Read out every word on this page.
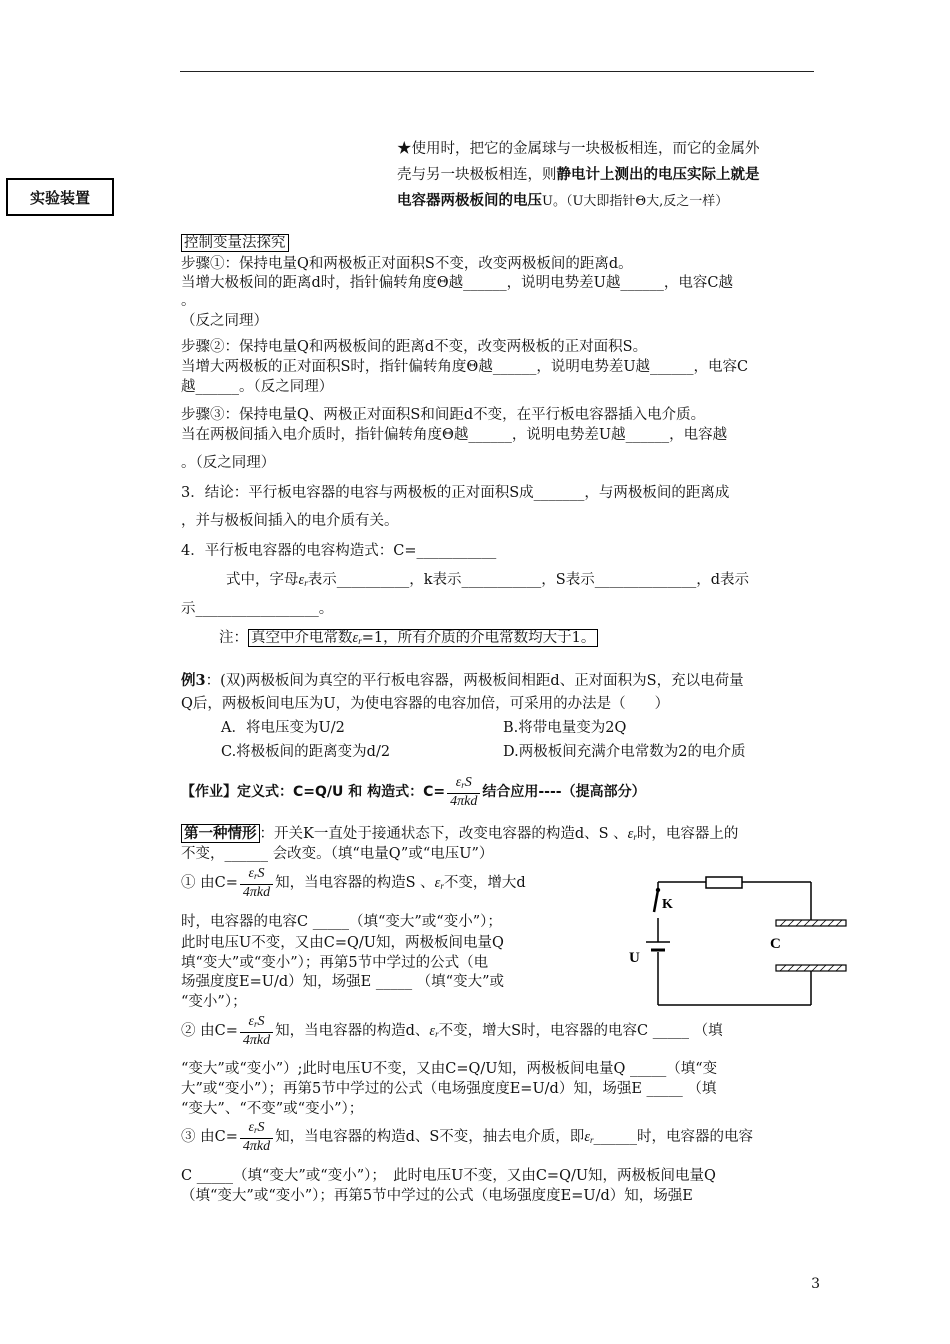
实验装置
★使用时，把它的金属球与一块极板相连，而它的金属外
壳与另一块极板相连，则静电计上测出的电压实际上就是
电容器两极板间的电压U。（U大即指针Θ大,反之一样）
控制变量法探究
步骤①：保持电量Q和两极板正对面积S不变，改变两极板间的距离d。
当增大极板间的距离d时，指针偏转角度Θ越______，说明电势差U越______，电容C越
。
（反之同理）
步骤②：保持电量Q和两极板间的距离d不变，改变两极板的正对面积S。
当增大两极板的正对面积S时，指针偏转角度Θ越______，说明电势差U越______，电容C
越______。（反之同理）
步骤③：保持电量Q、两极正对面积S和间距d不变，在平行板电容器插入电介质。
当在两极间插入电介质时，指针偏转角度Θ越______，说明电势差U越______，电容越
。（反之同理）
3．结论：平行板电容器的电容与两极板的正对面积S成_______，与两极板间的距离成
，并与极板间插入的电介质有关。
4．平行板电容器的电容构造式：C=___________
式中，字母$\varepsilon_r$表示__________，k表示___________，S表示______________，d表示
示_________________。
注： 真空中介电常数$\varepsilon_r=1$，所有介质的介电常数均大于1。
例3：(双)两极板间为真空的平行板电容器，两极板间相距d、正对面积为S，充以电荷量
Q后，两极板间电压为U，为使电容器的电容加倍，可采用的办法是（　　）
A．将电压变为U/2	B.将带电量变为2Q
C.将极板间的距离变为d/2	D.两极板间充满介电常数为2的电介质
【作业】定义式：C=Q/U 和 构造式：$C= \frac{\varepsilon_rS}{\text{4πkd}}$ 结合应用----（提高部分）
第一种情形 ：开关K一直处于接通状态下，改变电容器的构造d、S 、$\varepsilon_r$时，电容器上的
不变，______ 会改变。（填“电量Q”或“电压U”）
① 由$C= \frac{\varepsilon_rS}{\text{4πkd}}$ 知，当电容器的构造S 、$\varepsilon_r$不变，增大d
时，电容器的电容C _____（填“变大”或“变小”）；
此时电压U不变，又由C=Q/U知，两极板间电量Q
填“变大”或“变小”）；再第5节中学过的公式（电
场强度度E=U/d）知，场强E _____ （填“变大”或
“变小”）；
② 由$C= \frac{\varepsilon_rS}{\text{4πkd}}$ 知，当电容器的构造d、$\varepsilon_r$不变，增大S时，电容器的电容C _____ （填
“变大”或“变小”）;此时电压U不变，又由C=Q/U知，两极板间电量Q _____（填“变
大”或“变小”）；再第5节中学过的公式（电场强度度E=U/d）知，场强E _____ （填
“变大”、“不变”或“变小”）；
③ 由$C= \frac{\varepsilon_rS}{\text{4πkd}}$ 知，当电容器的构造d、S不变，抽去电介质，即$\varepsilon_r\_\_\_\_\_\_$时，电容器的电容
C _____（填“变大”或“变小”）；　此时电压U不变，又由C=Q/U知，两极板间电量Q
（填“变大”或“变小”）；再第5节中学过的公式（电场强度度E=U/d）知，场强E
K
C
U
3
